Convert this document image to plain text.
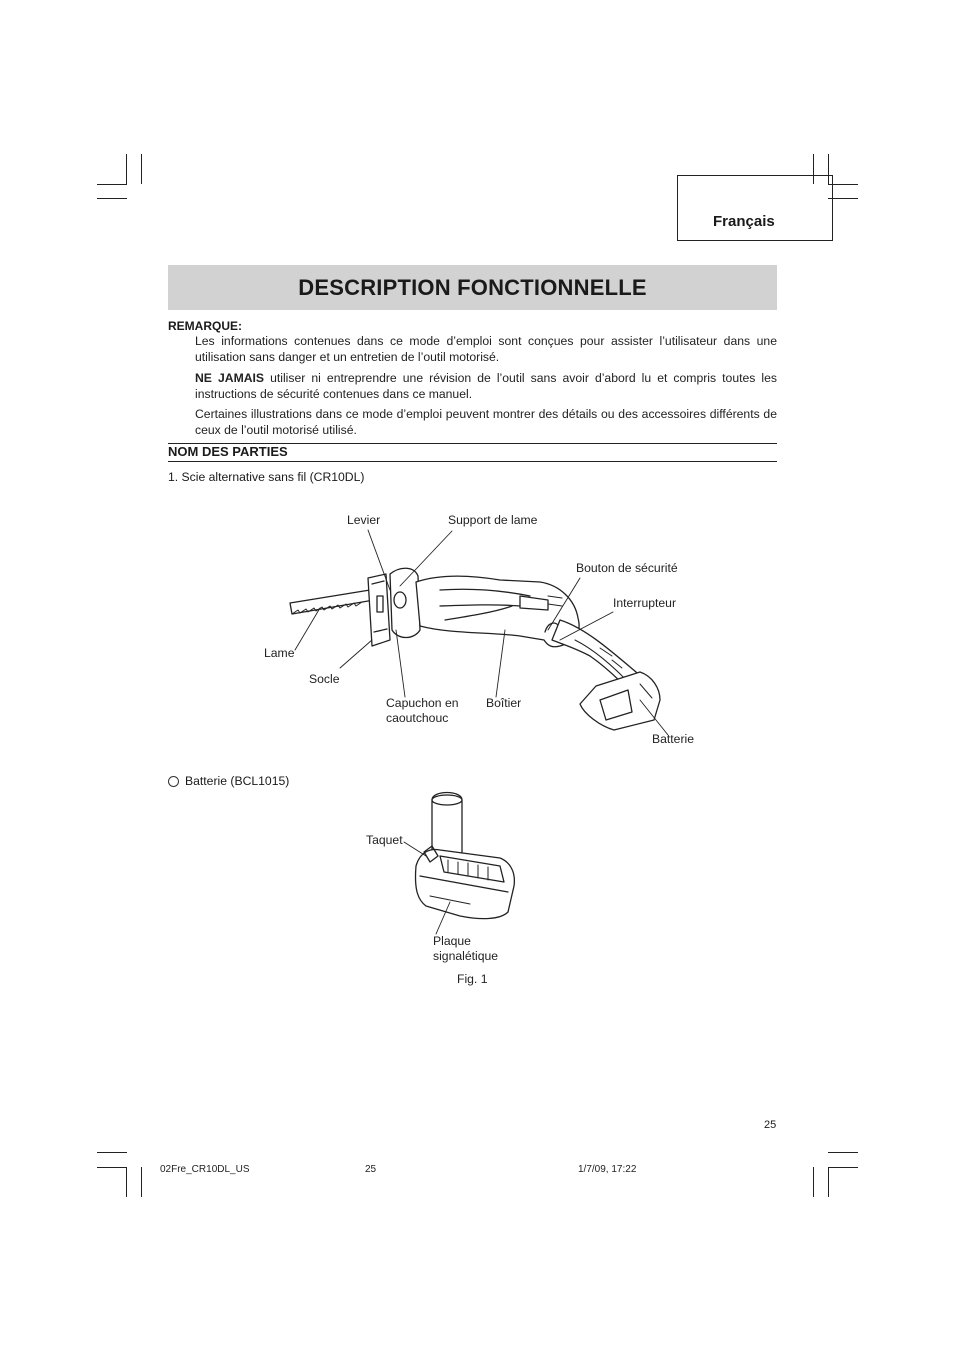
Français
DESCRIPTION FONCTIONNELLE
REMARQUE:
Les informations contenues dans ce mode d’emploi sont conçues pour assister l’utilisateur dans une utilisation sans danger et un entretien de l’outil motorisé.
NE JAMAIS utiliser ni entreprendre une révision de l’outil sans avoir d’abord lu et compris toutes les instructions de sécurité contenues dans ce manuel.
Certaines illustrations dans ce mode d’emploi peuvent montrer des détails ou des accessoires différents de ceux de l’outil motorisé utilisé.
NOM DES PARTIES
1. Scie alternative sans fil (CR10DL)
Levier	Support de lame
Bouton de sécurité
Interrupteur
Lame
Socle
Capuchon en
caoutchouc
Boîtier
Batterie
Batterie (BCL1015)
Taquet
Plaque
signalétique
Fig. 1
25
02Fre_CR10DL_US	25	1/7/09, 17:22
